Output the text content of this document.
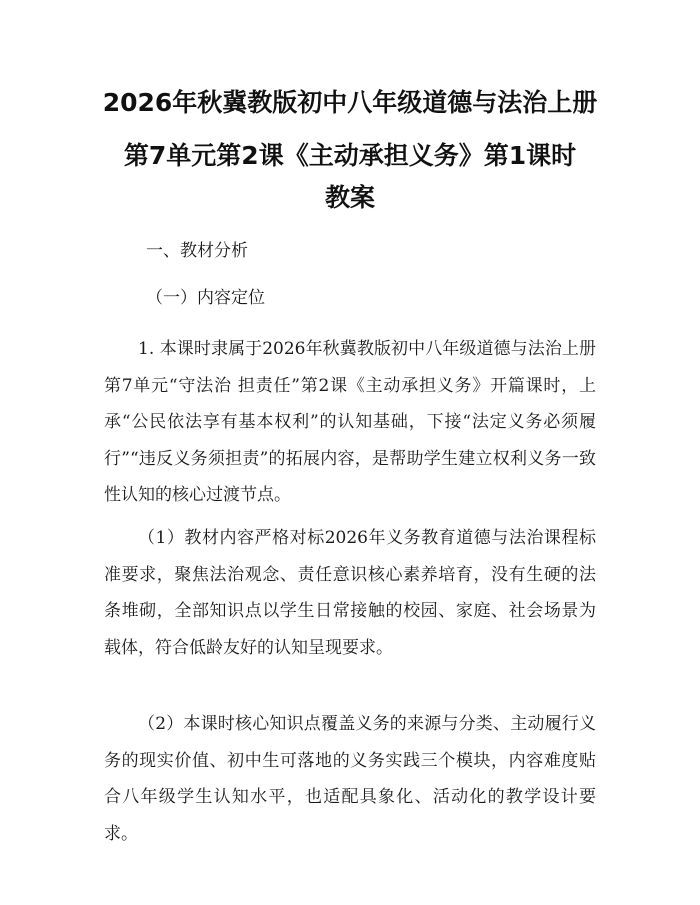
2026年秋冀教版初中八年级道德与法治上册
第7单元第2课《主动承担义务》第1课时
教案
一、教材分析
（一）内容定位
1. 本课时隶属于2026年秋冀教版初中八年级道德与法治上册第7单元“守法治 担责任”第2课《主动承担义务》开篇课时，上承“公民依法享有基本权利”的认知基础，下接“法定义务必须履行”“违反义务须担责”的拓展内容，是帮助学生建立权利义务一致性认知的核心过渡节点。
（1）教材内容严格对标2026年义务教育道德与法治课程标准要求，聚焦法治观念、责任意识核心素养培育，没有生硬的法条堆砌，全部知识点以学生日常接触的校园、家庭、社会场景为载体，符合低龄友好的认知呈现要求。
（2）本课时核心知识点覆盖义务的来源与分类、主动履行义务的现实价值、初中生可落地的义务实践三个模块，内容难度贴合八年级学生认知水平，也适配具象化、活动化的教学设计要求。
